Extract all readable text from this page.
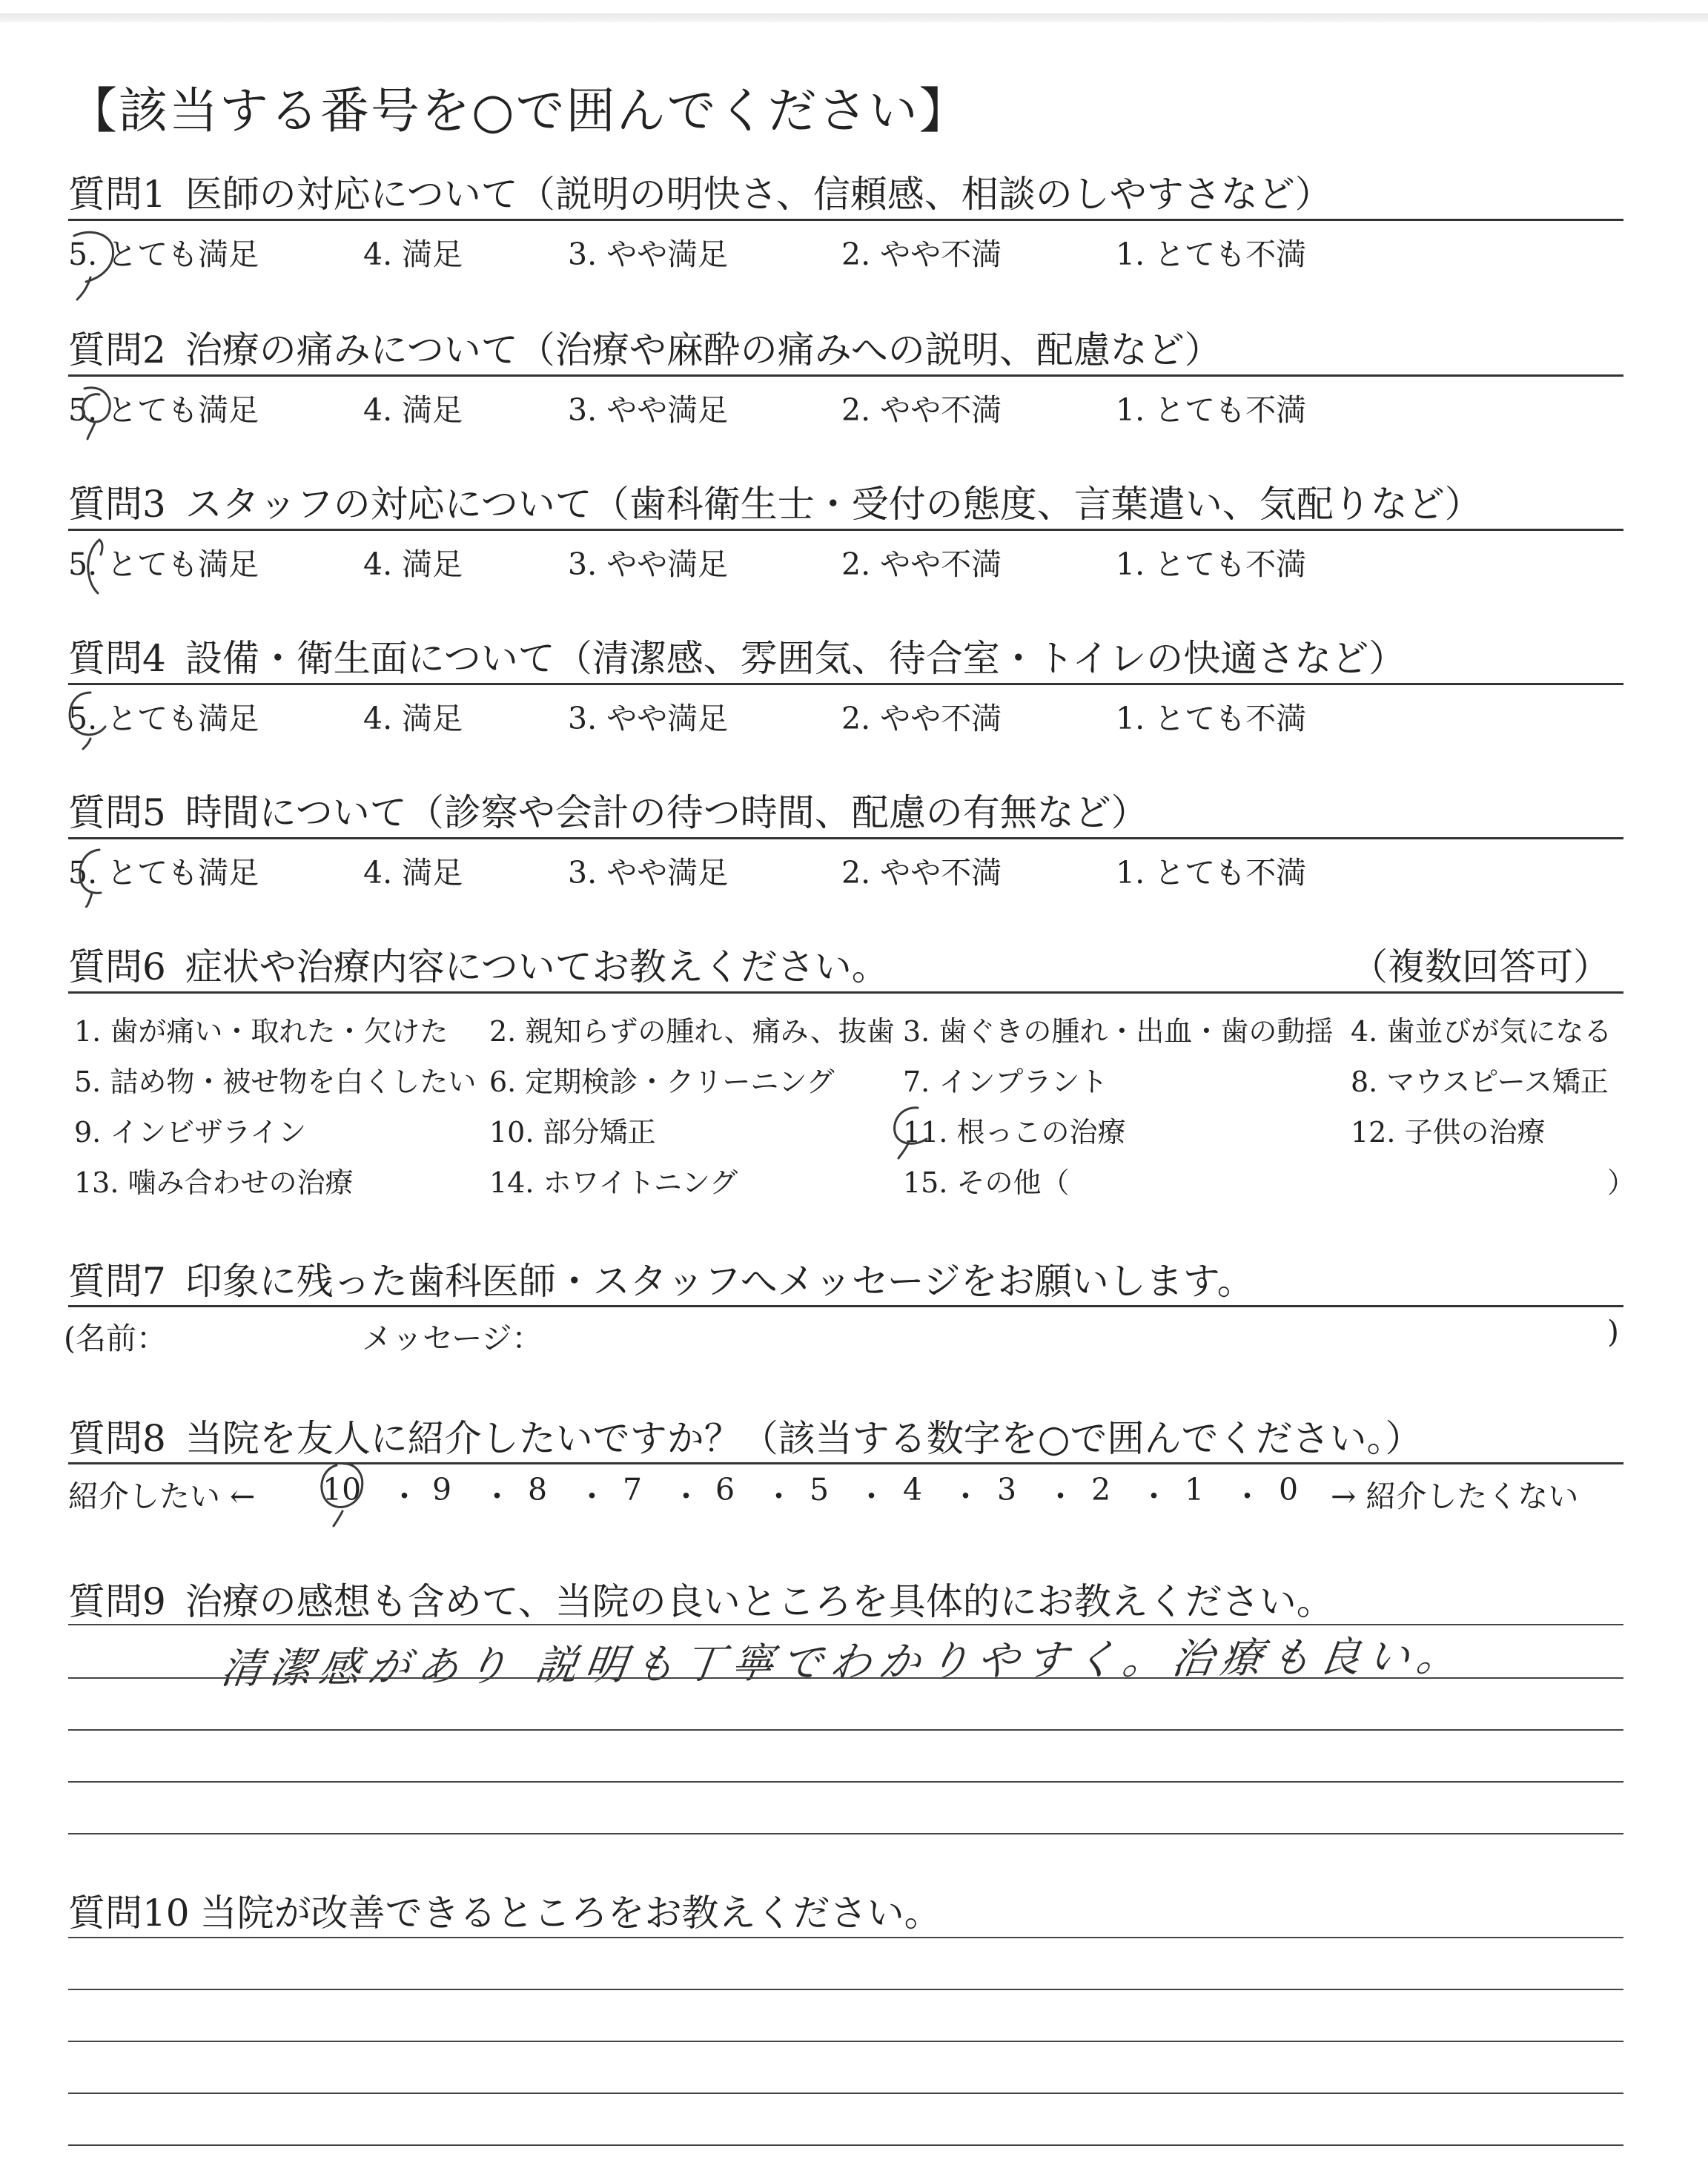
【該当する番号を○で囲んでください】
質問1 医師の対応について（説明の明快さ、信頼感、相談のしやすさなど）
5. とても満足	4. 満足	3. やや満足	2. やや不満	1. とても不満
質問2 治療の痛みについて（治療や麻酔の痛みへの説明、配慮など）
5. とても満足	4. 満足	3. やや満足	2. やや不満	1. とても不満
質問3 スタッフの対応について（歯科衛生士・受付の態度、言葉遣い、気配りなど）
5. とても満足	4. 満足	3. やや満足	2. やや不満	1. とても不満
質問4 設備・衛生面について（清潔感、雰囲気、待合室・トイレの快適さなど）
5. とても満足	4. 満足	3. やや満足	2. やや不満	1. とても不満
質問5 時間について（診察や会計の待つ時間、配慮の有無など）
5. とても満足	4. 満足	3. やや満足	2. やや不満	1. とても不満
質問6 症状や治療内容についてお教えください。	（複数回答可）
1. 歯が痛い・取れた・欠けた 2. 親知らずの腫れ、痛み、抜歯 3. 歯ぐきの腫れ・出血・歯の動揺 4. 歯並びが気になる
5. 詰め物・被せ物を白くしたい 6. 定期検診・クリーニング 7. インプラント	8. マウスピース矯正
9. インビザライン	10. 部分矯正	11. 根っこの治療	12. 子供の治療
13. 噛み合わせの治療	14. ホワイトニング	15. その他（	）
質問7 印象に残った歯科医師・スタッフへメッセージをお願いします。
(名前：	メッセージ：	)
質問8 当院を友人に紹介したいですか？（該当する数字を○で囲んでください。）
紹介したい ← 10 ・ 9 ・ 8 ・ 7 ・ 6 ・ 5 ・ 4 ・ 3 ・ 2 ・ 1 ・ 0 → 紹介したくない
質問9 治療の感想も含めて、当院の良いところを具体的にお教えください。
清潔感があり 説明も丁寧でわかりやすく。治療も良い。
質問10 当院が改善できるところをお教えください。
